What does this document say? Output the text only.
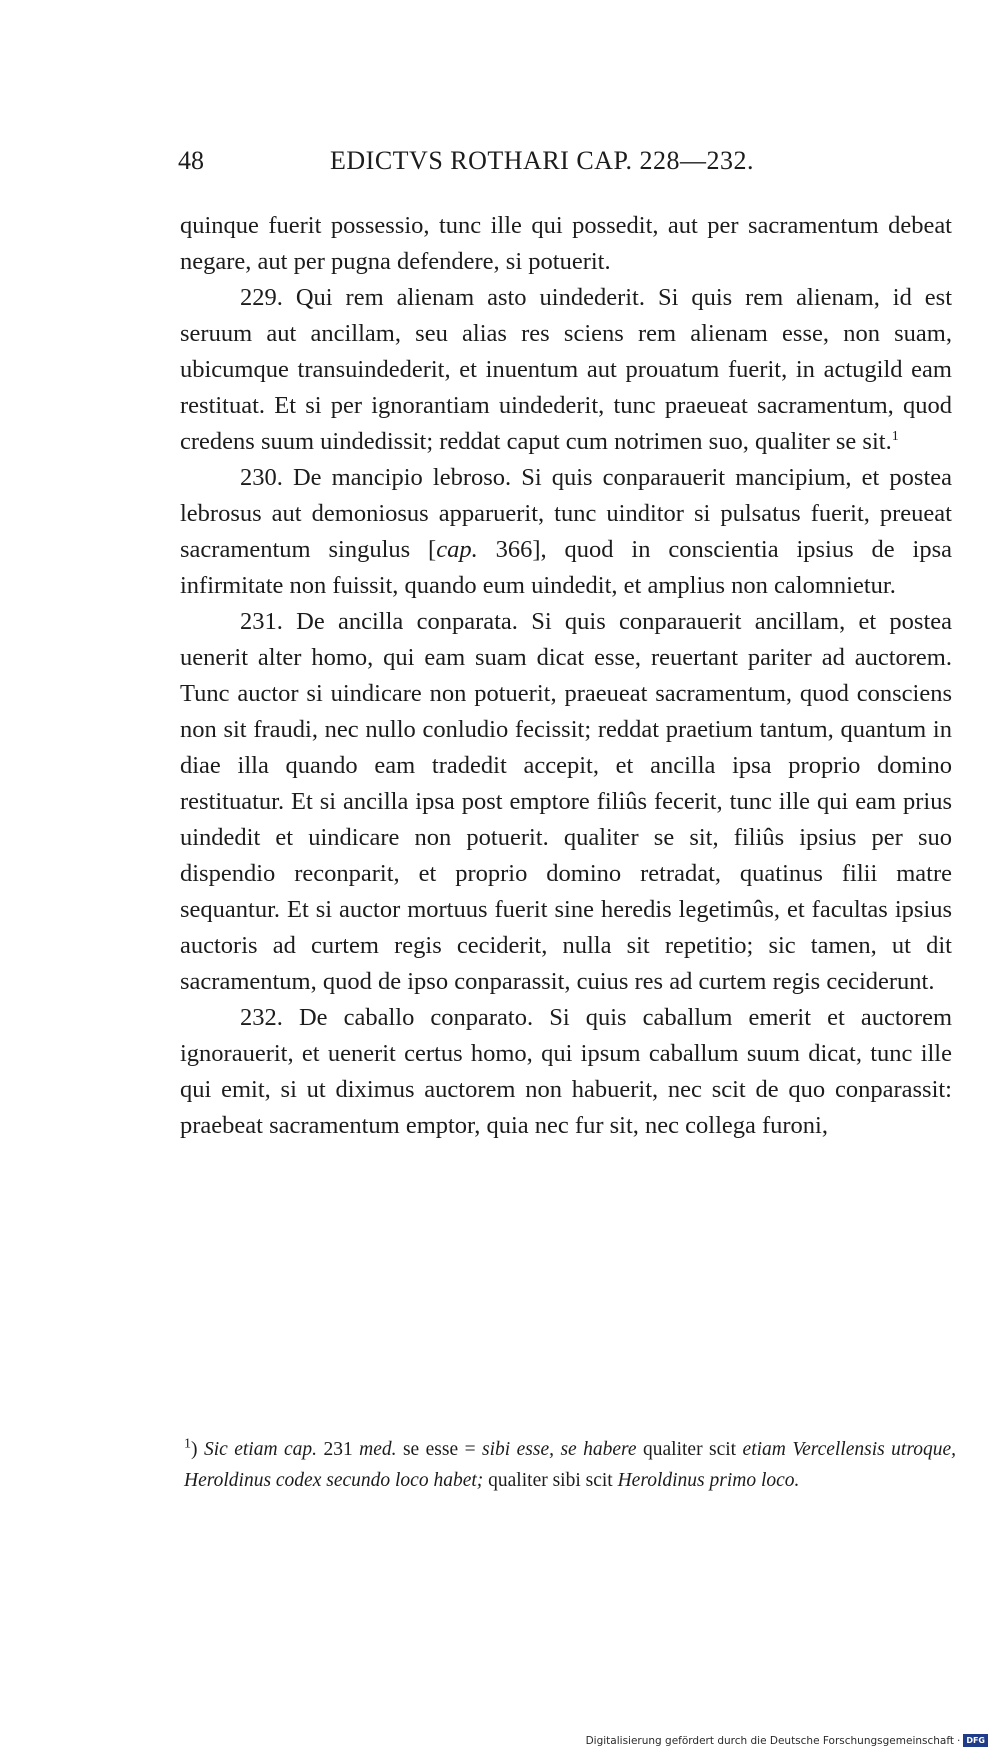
48	EDICTVS ROTHARI CAP. 228—232.

quinque fuerit possessio, tunc ille qui possedit, aut per sacramentum debeat negare, aut per pugna defendere, si potuerit.

229. Qui rem alienam asto uindederit. Si quis rem alienam, id est seruum aut ancillam, seu alias res sciens rem alienam esse, non suam, ubicumque transuindederit, et inuentum aut prouatum fuerit, in actugild eam restituat. Et si per ignorantiam uindederit, tunc praeueat sacramentum, quod credens suum uindedissit; reddat caput cum notrimen suo, qualiter se sit.$^1$

230. De mancipio lebroso. Si quis conparauerit mancipium, et postea lebrosus aut demoniosus apparuerit, tunc uinditor si pulsatus fuerit, preueat sacramentum singulus [cap. 366], quod in conscientia ipsius de ipsa infirmitate non fuissit, quando eum uindedit, et amplius non calomnietur.

231. De ancilla conparata. Si quis conparauerit ancillam, et postea uenerit alter homo, qui eam suam dicat esse, reuertant pariter ad auctorem. Tunc auctor si uindicare non potuerit, praeueat sacramentum, quod consciens non sit fraudi, nec nullo conludio fecissit; reddat praetium tantum, quantum in diae illa quando eam tradedit accepit, et ancilla ipsa proprio domino restituatur. Et si ancilla ipsa post emptore filiûs fecerit, tunc ille qui eam prius uindedit et uindicare non potuerit. qualiter se sit, filiûs ipsius per suo dispendio reconparit, et proprio domino retradat, quatinus filii matre sequantur. Et si auctor mortuus fuerit sine heredis legetimûs, et facultas ipsius auctoris ad curtem regis ceciderit, nulla sit repetitio; sic tamen, ut dit sacramentum, quod de ipso conparassit, cuius res ad curtem regis ceciderunt.

232. De caballo conparato. Si quis caballum emerit et auctorem ignorauerit, et uenerit certus homo, qui ipsum caballum suum dicat, tunc ille qui emit, si ut diximus auctorem non habuerit, nec scit de quo conparassit: praebeat sacramentum emptor, quia nec fur sit, nec collega furoni,

$^1$) Sic etiam cap. 231 med. se esse = sibi esse, se habere qualiter scit etiam Vercellensis utroque, Heroldinus codex secundo loco habet; qualiter sibi scit Heroldinus primo loco.
Digitalisierung gefördert durch die Deutsche Forschungsgemeinschaft · DFG
